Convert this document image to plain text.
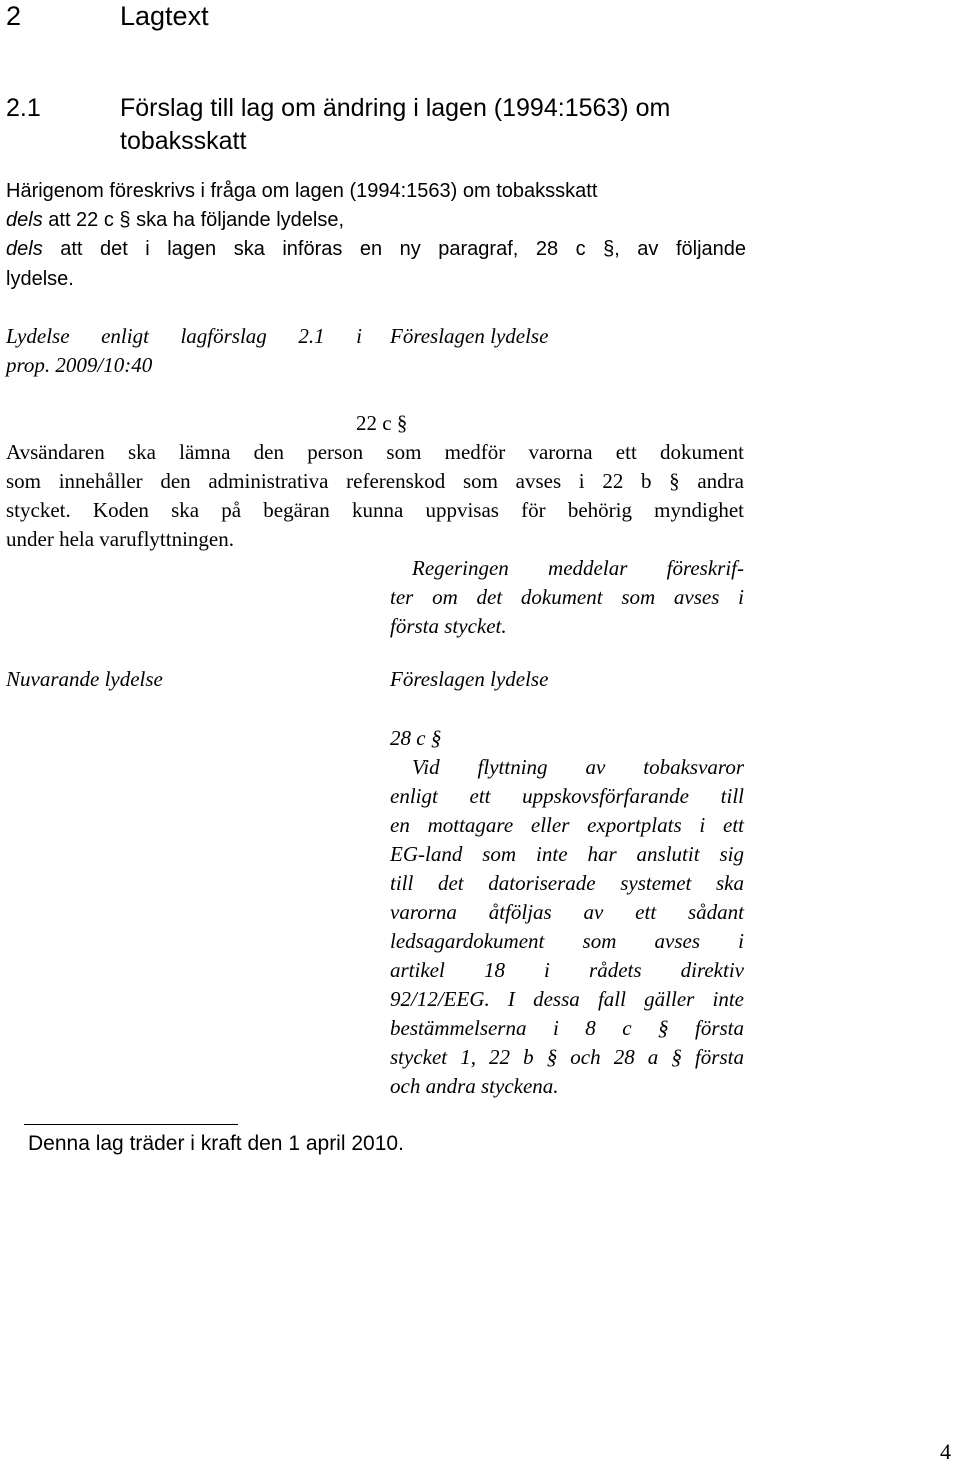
2	Lagtext
2.1	Förslag till lag om ändring i lagen (1994:1563) om
tobaksskatt
Härigenom föreskrivs i fråga om lagen (1994:1563) om tobaksskatt
dels att 22 c § ska ha följande lydelse,
dels att det i lagen ska införas en ny paragraf, 28 c §, av följande
lydelse.
Lydelse enligt lagförslag 2.1 i
prop. 2009/10:40
Föreslagen lydelse
22 c §
Avsändaren ska lämna den person som medför varorna ett dokument
som innehåller den administrativa referenskod som avses i 22 b § andra
stycket. Koden ska på begäran kunna uppvisas för behörig myndighet
under hela varuflyttningen.
Regeringen meddelar föreskrif-
ter om det dokument som avses i
första stycket.
Nuvarande lydelse	Föreslagen lydelse
28 c §
Vid flyttning av tobaksvaror
enligt ett uppskovsförfarande till
en mottagare eller exportplats i ett
EG-land som inte har anslutit sig
till det datoriserade systemet ska
varorna åtföljas av ett sådant
ledsagardokument som avses i
artikel 18 i rådets direktiv
92/12/EEG. I dessa fall gäller inte
bestämmelserna i 8 c § första
stycket 1, 22 b § och 28 a § första
och andra styckena.
Denna lag träder i kraft den 1 april 2010.
4
